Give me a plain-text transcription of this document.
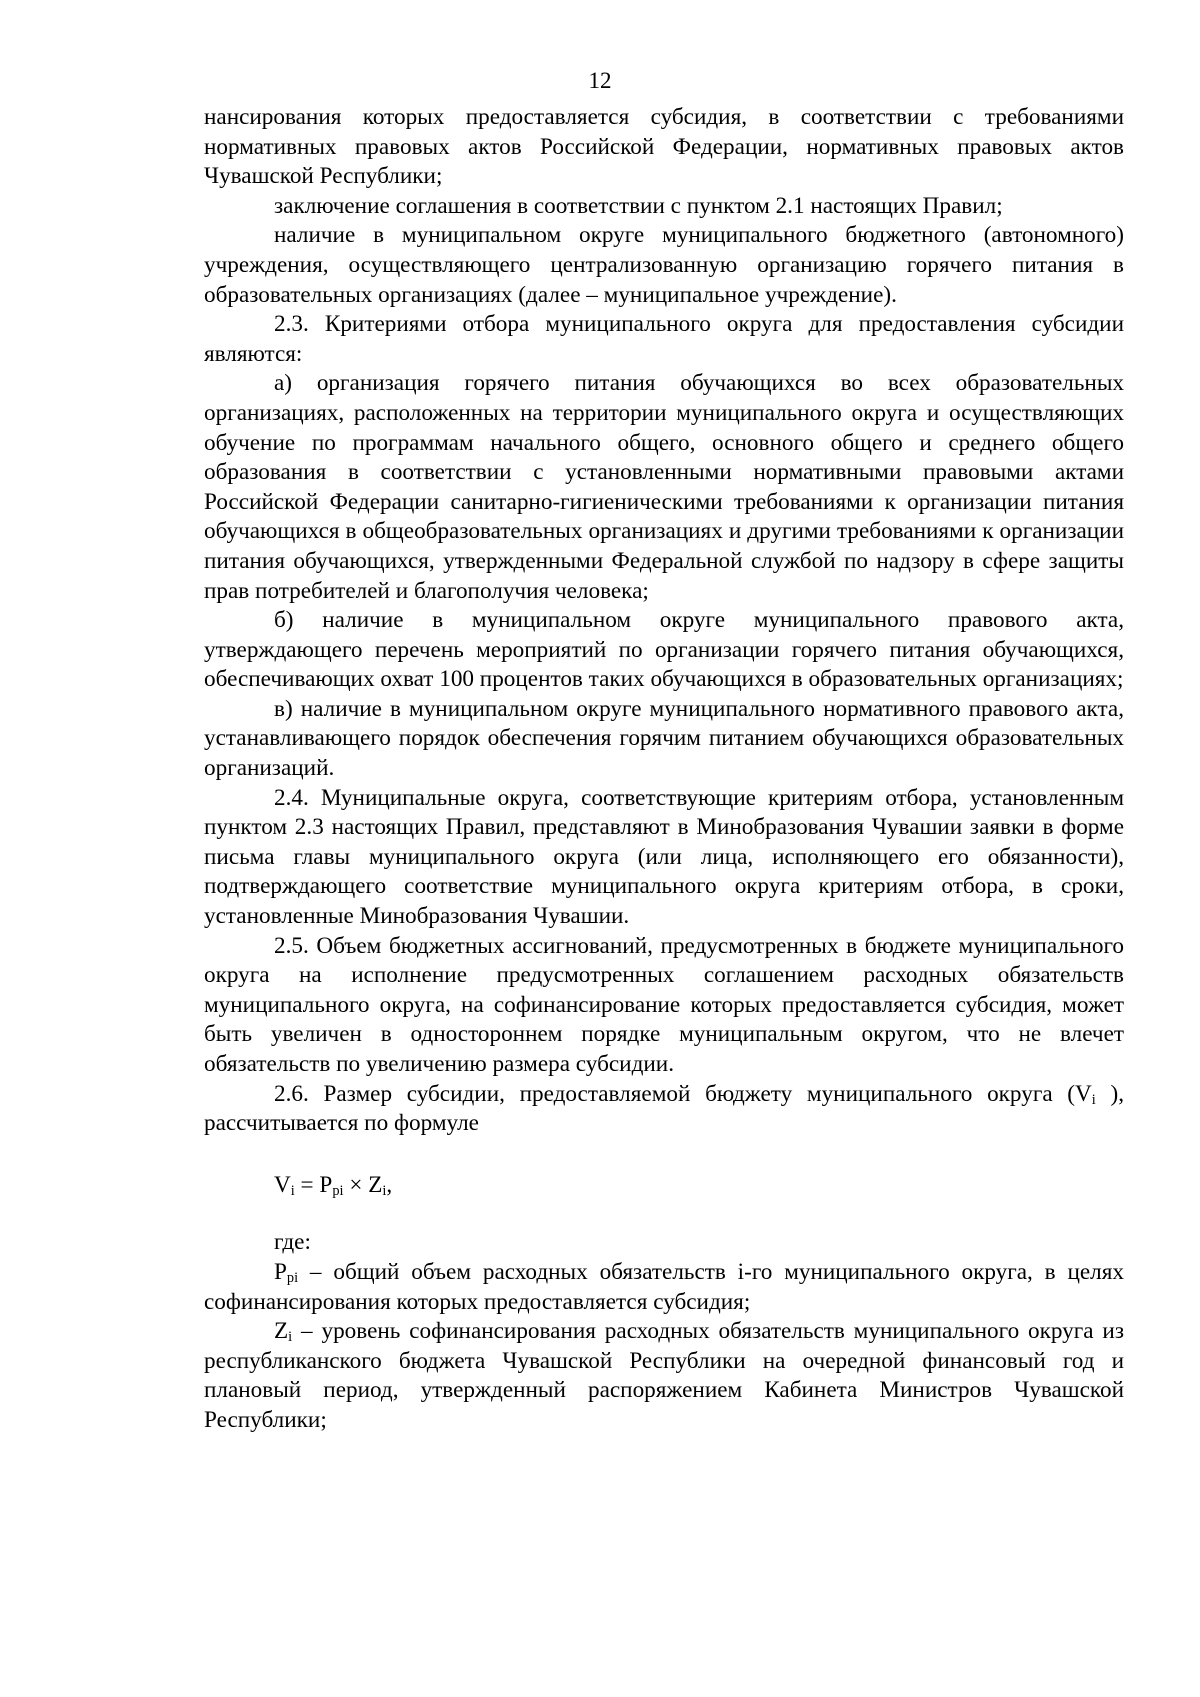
12

нансирования которых предоставляется субсидия, в соответствии с требованиями нормативных правовых актов Российской Федерации, нормативных правовых актов Чувашской Республики;

заключение соглашения в соответствии с пунктом 2.1 настоящих Правил;

наличие в муниципальном округе муниципального бюджетного (автономного) учреждения, осуществляющего централизованную организацию горячего питания в образовательных организациях (далее – муниципальное учреждение).

2.3. Критериями отбора муниципального округа для предоставления субсидии являются:

а) организация горячего питания обучающихся во всех образовательных организациях, расположенных на территории муниципального округа и осуществляющих обучение по программам начального общего, основного общего и среднего общего образования в соответствии с установленными нормативными правовыми актами Российской Федерации санитарно-гигиеническими требованиями к организации питания обучающихся в общеобразовательных организациях и другими требованиями к организации питания обучающихся, утвержденными Федеральной службой по надзору в сфере защиты прав потребителей и благополучия человека;

б) наличие в муниципальном округе муниципального правового акта, утверждающего перечень мероприятий по организации горячего питания обучающихся, обеспечивающих охват 100 процентов таких обучающихся в образовательных организациях;

в) наличие в муниципальном округе муниципального нормативного правового акта, устанавливающего порядок обеспечения горячим питанием обучающихся образовательных организаций.

2.4. Муниципальные округа, соответствующие критериям отбора, установленным пунктом 2.3 настоящих Правил, представляют в Минобразования Чувашии заявки в форме письма главы муниципального округа (или лица, исполняющего его обязанности), подтверждающего соответствие муниципального округа критериям отбора, в сроки, установленные Минобразования Чувашии.

2.5. Объем бюджетных ассигнований, предусмотренных в бюджете муниципального округа на исполнение предусмотренных соглашением расходных обязательств муниципального округа, на софинансирование которых предоставляется субсидия, может быть увеличен в одностороннем порядке муниципальным округом, что не влечет обязательств по увеличению размера субсидии.

2.6. Размер субсидии, предоставляемой бюджету муниципального округа ($V_i$ ), рассчитывается по формуле

$V_i = P_{pi} \times Z_i$,

где:

$P_{pi}$ – общий объем расходных обязательств i-го муниципального округа, в целях софинансирования которых предоставляется субсидия;

$Z_i$ – уровень софинансирования расходных обязательств муниципального округа из республиканского бюджета Чувашской Республики на очередной финансовый год и плановый период, утвержденный распоряжением Кабинета Министров Чувашской Республики;
